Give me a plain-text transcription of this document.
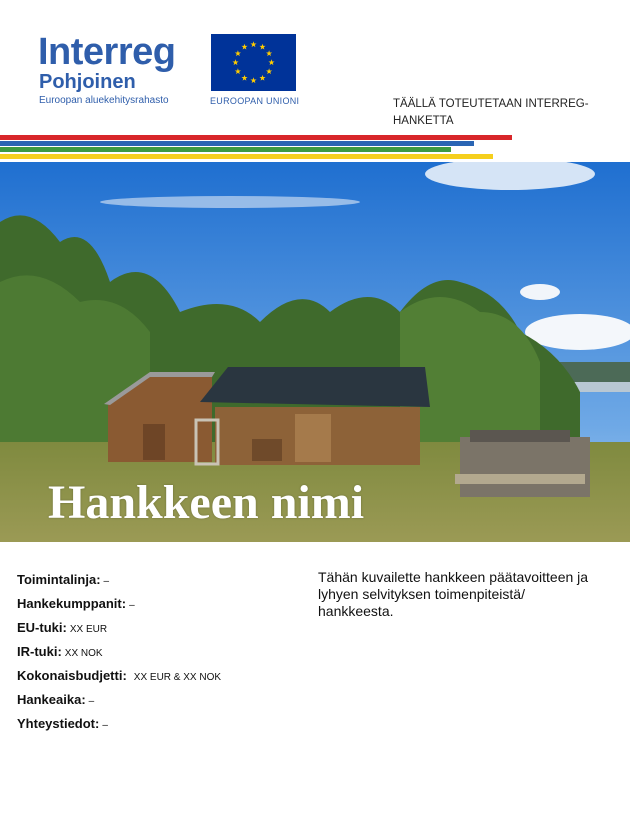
Interreg
Pohjoinen
Euroopan aluekehitysrahasto	EUROOPAN UNIONI	TÄÄLLÄ TOTEUTETAAN INTERREG-HANKETTA
Hankkeen nimi
Toimintalinja: –
Hankekumppanit: –
EU-tuki: XX EUR
IR-tuki: XX NOK
Kokonaisbudjetti: XX EUR & XX NOK
Hankeaika: –
Yhteystiedot: –
Tähän kuvailette hankkeen päätavoitteen ja lyhyen selvityksen toimenpiteistä/ hankkeesta.
